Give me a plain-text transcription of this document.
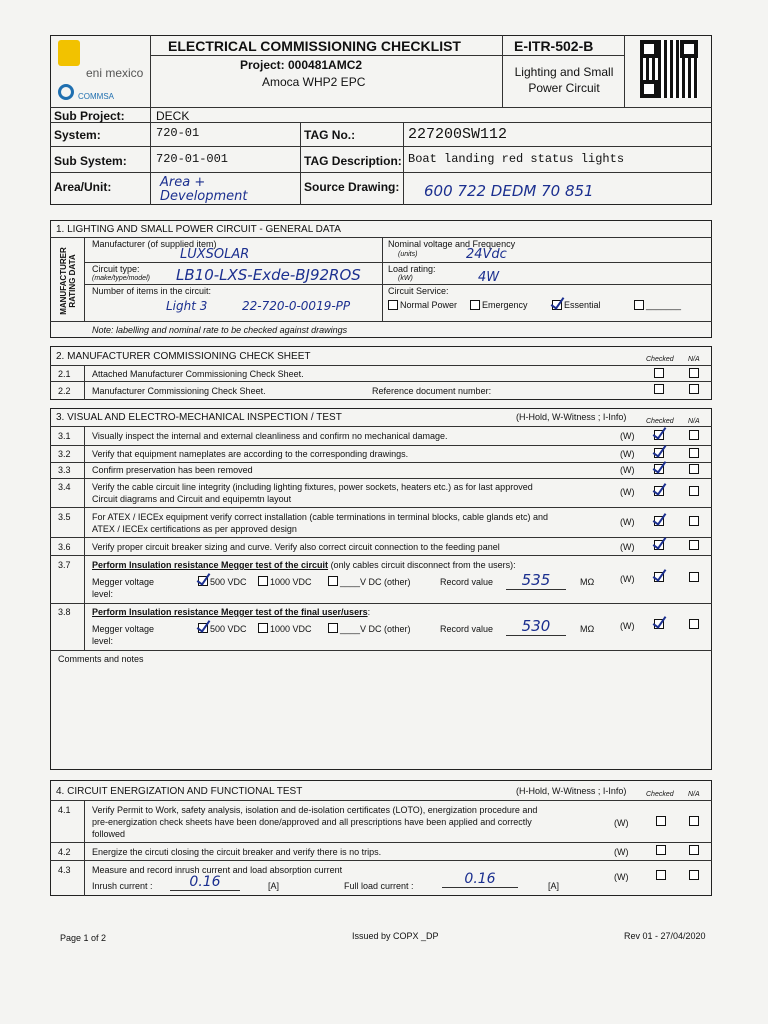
eni mexico
COMMSA
ELECTRICAL COMMISSIONING CHECKLIST	E-ITR-502-B
Project: 000481AMC2
Amoca WHP2 EPC
Lighting and Small Power Circuit
Sub Project:	DECK
System:	720-01	TAG No.:	227200SW112
Sub System: 720-01-001	TAG Description: Boat landing red status lights
Area/Unit:	Area + Development
Source Drawing: 600 722 DEDM 70 851
1. LIGHTING AND SMALL POWER CIRCUIT - GENERAL DATA
MANUFACTURER RATING DATA
Manufacturer (of supplied item)
LUXSOLAR
Circuit type:
(make/type/model) LB10-LXS-Exde-BJ92ROS
Number of items in the circuit:
Light 3	22-720-0-0019-PP
Nominal voltage and Frequency
(units)	24Vdc
Load rating:
(kW)	4W
Circuit Service:
Normal Power	Emergency	Essential	_______
Note: labelling and nominal rate to be checked against drawings
2. MANUFACTURER COMMISSIONING CHECK SHEET	Checked N/A
2.1 Attached Manufacturer Commissioning Check Sheet.
2.2 Manufacturer Commissioning Check Sheet.	Reference document number:
3. VISUAL AND ELECTRO-MECHANICAL INSPECTION / TEST	(H-Hold, W-Witness ; I-Info)	Checked N/A
3.1 Visually inspect the internal and external cleanliness and confirm no mechanical damage.	(W)
3.2 Verify that equipment nameplates are according to the corresponding drawings.	(W)
3.3 Confirm preservation has been removed	(W)
3.4 Verify the cable circuit line integrity (including lighting fixtures, power sockets, heaters etc.) as for last approved
Circuit diagrams and Circuit and equipemtn layout
(W)
3.5 For ATEX / IECEx equipment verify correct installation (cable terminations in terminal blocks, cable glands etc) and
ATEX / IECEx certifications as per approved design
(W)
3.6 Verify proper circuit breaker sizing and curve. Verify also correct circuit connection to the feeding panel	(W)
3.7 Perform Insulation resistance Megger test of the circuit (only cables circuit disconnect from the users):
Megger voltage level:
500 VDC	1000 VDC	____V DC (other)	Record value	535	MΩ	(W)
3.8 Perform Insulation resistance Megger test of the final user/users:
Megger voltage level:
500 VDC	1000 VDC	____V DC (other)	Record value	530	MΩ	(W)
Comments and notes
4. CIRCUIT ENERGIZATION AND FUNCTIONAL TEST	(H-Hold, W-Witness ; I-Info)	Checked N/A
4.1 Verify Permit to Work, safety analysis, isolation and de-isolation certificates (LOTO), energization procedure and
pre-energization check sheets have been done/approved and all prescriptions have been applied and correctly
followed
(W)
4.2 Energize the circuti closing the circuit breaker and verify there is no trips.	(W)
4.3 Measure and record inrush current and load absorption current
(W)
Inrush current :	0.16	[A]	Full load current :	0.16	[A]
Page 1 of 2	Issued by COPX _DP	Rev 01 - 27/04/2020
